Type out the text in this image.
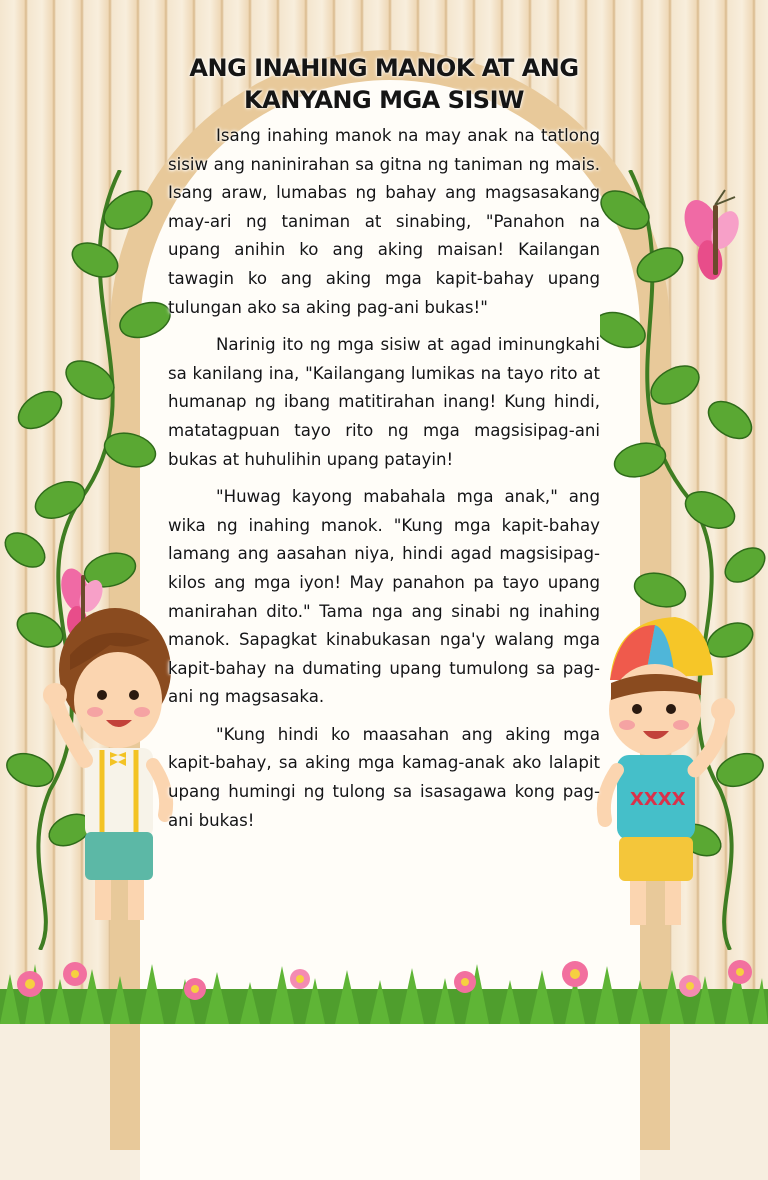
XXXX
ANG INAHING MANOK AT ANG KANYANG MGA SISIW

Isang inahing manok na may anak na tatlong sisiw ang naninirahan sa gitna ng taniman ng mais. Isang araw, lumabas ng bahay ang magsasakang may-ari ng taniman at sinabing, "Panahon na upang anihin ko ang aking maisan! Kailangan tawagin ko ang aking mga kapit-bahay upang tulungan ako sa aking pag-ani bukas!"

Narinig ito ng mga sisiw at agad iminungkahi sa kanilang ina, "Kailangang lumikas na tayo rito at humanap ng ibang matitirahan inang! Kung hindi, matatagpuan tayo rito ng mga magsisipag-ani bukas at huhulihin upang patayin!

"Huwag kayong mabahala mga anak," ang wika ng inahing manok. "Kung mga kapit-bahay lamang ang aasahan niya, hindi agad magsisipag-kilos ang mga iyon! May panahon pa tayo upang manirahan dito." Tama nga ang sinabi ng inahing manok. Sapagkat kinabukasan nga'y walang mga kapit-bahay na dumating upang tumulong sa pag-ani ng magsasaka.

"Kung hindi ko maasahan ang aking mga kapit-bahay, sa aking mga kamag-anak ako lalapit upang humingi ng tulong sa isasagawa kong pag-ani bukas!
